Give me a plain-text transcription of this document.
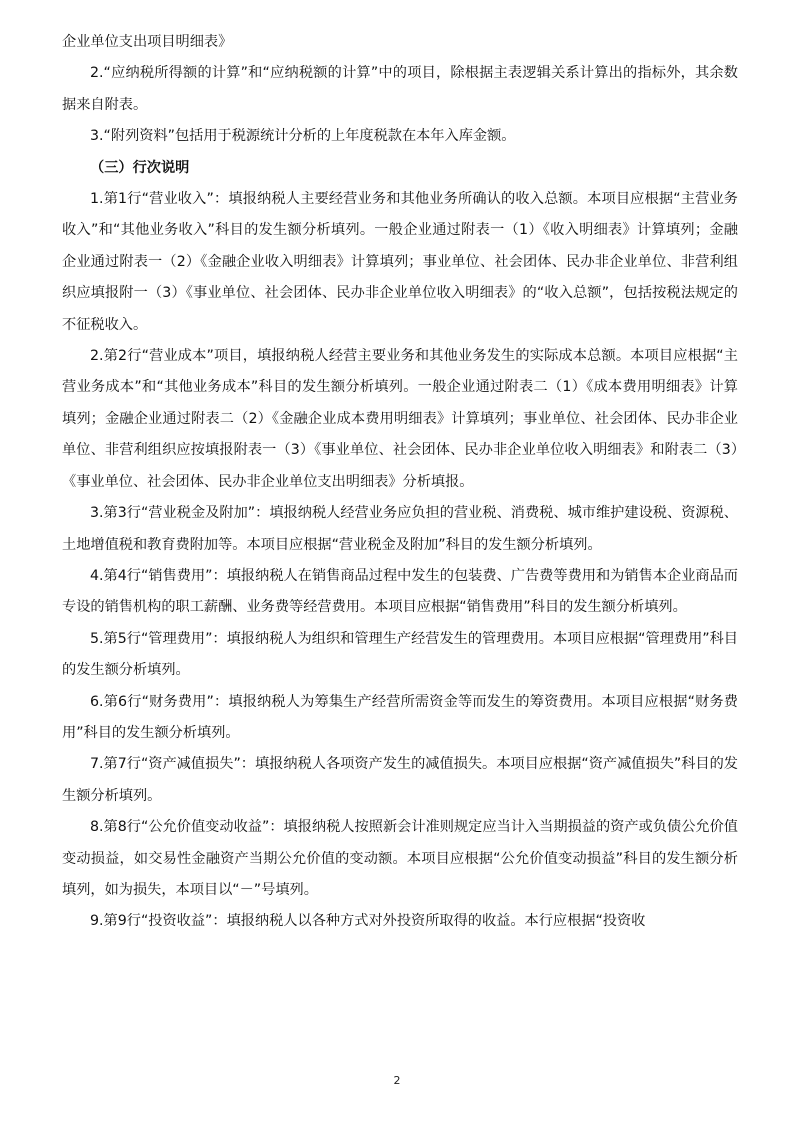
企业单位支出项目明细表》

2.“应纳税所得额的计算”和“应纳税额的计算”中的项目，除根据主表逻辑关系计算出的指标外，其余数据来自附表。

3.“附列资料”包括用于税源统计分析的上年度税款在本年入库金额。

（三）行次说明

1.第1行“营业收入”：填报纳税人主要经营业务和其他业务所确认的收入总额。本项目应根据“主营业务收入”和“其他业务收入”科目的发生额分析填列。一般企业通过附表一（1）《收入明细表》计算填列；金融企业通过附表一（2）《金融企业收入明细表》计算填列；事业单位、社会团体、民办非企业单位、非营利组织应填报附一（3）《事业单位、社会团体、民办非企业单位收入明细表》的“收入总额”，包括按税法规定的不征税收入。

2.第2行“营业成本”项目，填报纳税人经营主要业务和其他业务发生的实际成本总额。本项目应根据“主营业务成本”和“其他业务成本”科目的发生额分析填列。一般企业通过附表二（1）《成本费用明细表》计算填列；金融企业通过附表二（2）《金融企业成本费用明细表》计算填列；事业单位、社会团体、民办非企业单位、非营利组织应按填报附表一（3）《事业单位、社会团体、民办非企业单位收入明细表》和附表二（3）《事业单位、社会团体、民办非企业单位支出明细表》分析填报。

3.第3行“营业税金及附加”：填报纳税人经营业务应负担的营业税、消费税、城市维护建设税、资源税、土地增值税和教育费附加等。本项目应根据“营业税金及附加”科目的发生额分析填列。

4.第4行“销售费用”：填报纳税人在销售商品过程中发生的包装费、广告费等费用和为销售本企业商品而专设的销售机构的职工薪酬、业务费等经营费用。本项目应根据“销售费用”科目的发生额分析填列。

5.第5行“管理费用”：填报纳税人为组织和管理生产经营发生的管理费用。本项目应根据“管理费用”科目的发生额分析填列。

6.第6行“财务费用”：填报纳税人为筹集生产经营所需资金等而发生的筹资费用。本项目应根据“财务费用”科目的发生额分析填列。

7.第7行“资产减值损失”：填报纳税人各项资产发生的减值损失。本项目应根据“资产减值损失”科目的发生额分析填列。

8.第8行“公允价值变动收益”：填报纳税人按照新会计准则规定应当计入当期损益的资产或负债公允价值变动损益，如交易性金融资产当期公允价值的变动额。本项目应根据“公允价值变动损益”科目的发生额分析填列，如为损失，本项目以“－”号填列。

9.第9行“投资收益”：填报纳税人以各种方式对外投资所取得的收益。本行应根据“投资收

2
